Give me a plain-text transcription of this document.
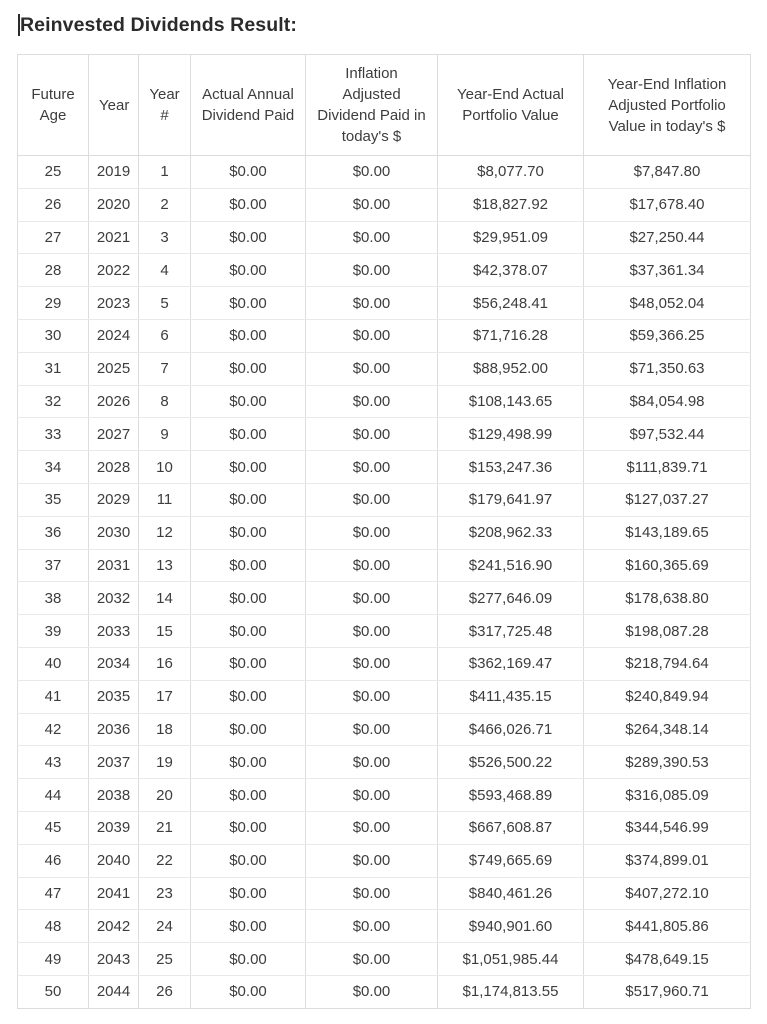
Reinvested Dividends Result:
Future Age	Year	Year #	Actual Annual Dividend Paid	Inflation Adjusted Dividend Paid in today's $	Year-End Actual Portfolio Value	Year-End Inflation Adjusted Portfolio Value in today's $
25	2019	1	$0.00	$0.00	$8,077.70	$7,847.80
26	2020	2	$0.00	$0.00	$18,827.92	$17,678.40
27	2021	3	$0.00	$0.00	$29,951.09	$27,250.44
28	2022	4	$0.00	$0.00	$42,378.07	$37,361.34
29	2023	5	$0.00	$0.00	$56,248.41	$48,052.04
30	2024	6	$0.00	$0.00	$71,716.28	$59,366.25
31	2025	7	$0.00	$0.00	$88,952.00	$71,350.63
32	2026	8	$0.00	$0.00	$108,143.65	$84,054.98
33	2027	9	$0.00	$0.00	$129,498.99	$97,532.44
34	2028	10	$0.00	$0.00	$153,247.36	$111,839.71
35	2029	11	$0.00	$0.00	$179,641.97	$127,037.27
36	2030	12	$0.00	$0.00	$208,962.33	$143,189.65
37	2031	13	$0.00	$0.00	$241,516.90	$160,365.69
38	2032	14	$0.00	$0.00	$277,646.09	$178,638.80
39	2033	15	$0.00	$0.00	$317,725.48	$198,087.28
40	2034	16	$0.00	$0.00	$362,169.47	$218,794.64
41	2035	17	$0.00	$0.00	$411,435.15	$240,849.94
42	2036	18	$0.00	$0.00	$466,026.71	$264,348.14
43	2037	19	$0.00	$0.00	$526,500.22	$289,390.53
44	2038	20	$0.00	$0.00	$593,468.89	$316,085.09
45	2039	21	$0.00	$0.00	$667,608.87	$344,546.99
46	2040	22	$0.00	$0.00	$749,665.69	$374,899.01
47	2041	23	$0.00	$0.00	$840,461.26	$407,272.10
48	2042	24	$0.00	$0.00	$940,901.60	$441,805.86
49	2043	25	$0.00	$0.00	$1,051,985.44	$478,649.15
50	2044	26	$0.00	$0.00	$1,174,813.55	$517,960.71
